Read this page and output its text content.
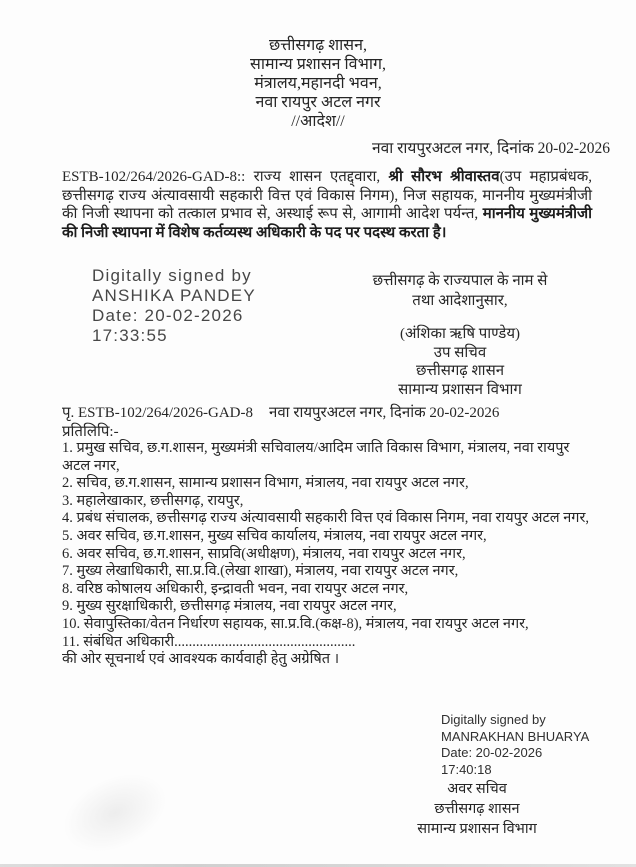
छत्तीसगढ़ शासन,
सामान्य प्रशासन विभाग,
मंत्रालय,महानदी भवन,
नवा रायपुर अटल नगर
//आदेश//
नवा रायपुरअटल नगर, दिनांक 20-02-2026

ESTB-102/264/2026-GAD-8:: राज्य शासन एतद्द्वारा, श्री सौरभ श्रीवास्तव(उप महाप्रबंधक, छत्तीसगढ़ राज्य अंत्यावसायी सहकारी वित्त एवं विकास निगम), निज सहायक, माननीय मुख्यमंत्रीजी की निजी स्थापना को तत्काल प्रभाव से, अस्थाई रूप से, आगामी आदेश पर्यन्त, माननीय मुख्यमंत्रीजी की निजी स्थापना में विशेष कर्तव्यस्थ अधिकारी के पद पर पदस्थ करता है।

Digitally signed by
ANSHIKA PANDEY
Date: 20-02-2026
17:33:55
छत्तीसगढ़ के राज्यपाल के नाम से
तथा आदेशानुसार,
(अंशिका ऋषि पाण्डेय)
उप सचिव
छत्तीसगढ़ शासन
सामान्य प्रशासन विभाग
पृ. ESTB-102/264/2026-GAD-8 नवा रायपुरअटल नगर, दिनांक 20-02-2026
प्रतिलिपि:-
1. प्रमुख सचिव, छ.ग.शासन, मुख्यमंत्री सचिवालय/आदिम जाति विकास विभाग, मंत्रालय, नवा रायपुर अटल नगर,
2. सचिव, छ.ग.शासन, सामान्य प्रशासन विभाग, मंत्रालय, नवा रायपुर अटल नगर,
3. महालेखाकार, छत्तीसगढ़, रायपुर,
4. प्रबंध संचालक, छत्तीसगढ़ राज्य अंत्यावसायी सहकारी वित्त एवं विकास निगम, नवा रायपुर अटल नगर,
5. अवर सचिव, छ.ग.शासन, मुख्य सचिव कार्यालय, मंत्रालय, नवा रायपुर अटल नगर,
6. अवर सचिव, छ.ग.शासन, साप्रवि(अधीक्षण), मंत्रालय, नवा रायपुर अटल नगर,
7. मुख्य लेखाधिकारी, सा.प्र.वि.(लेखा शाखा), मंत्रालय, नवा रायपुर अटल नगर,
8. वरिष्ठ कोषालय अधिकारी, इन्द्रावती भवन, नवा रायपुर अटल नगर,
9. मुख्य सुरक्षाधिकारी, छत्तीसगढ़ मंत्रालय, नवा रायपुर अटल नगर,
10. सेवापुस्तिका/वेतन निर्धारण सहायक, सा.प्र.वि.(कक्ष-8), मंत्रालय, नवा रायपुर अटल नगर,
11. संबंधित अधिकारी..................................................
की ओर सूचनार्थ एवं आवश्यक कार्यवाही हेतु अग्रेषित ।
Digitally signed by
MANRAKHAN BHUARYA
Date: 20-02-2026
17:40:18
अवर सचिव
छत्तीसगढ़ शासन
सामान्य प्रशासन विभाग
